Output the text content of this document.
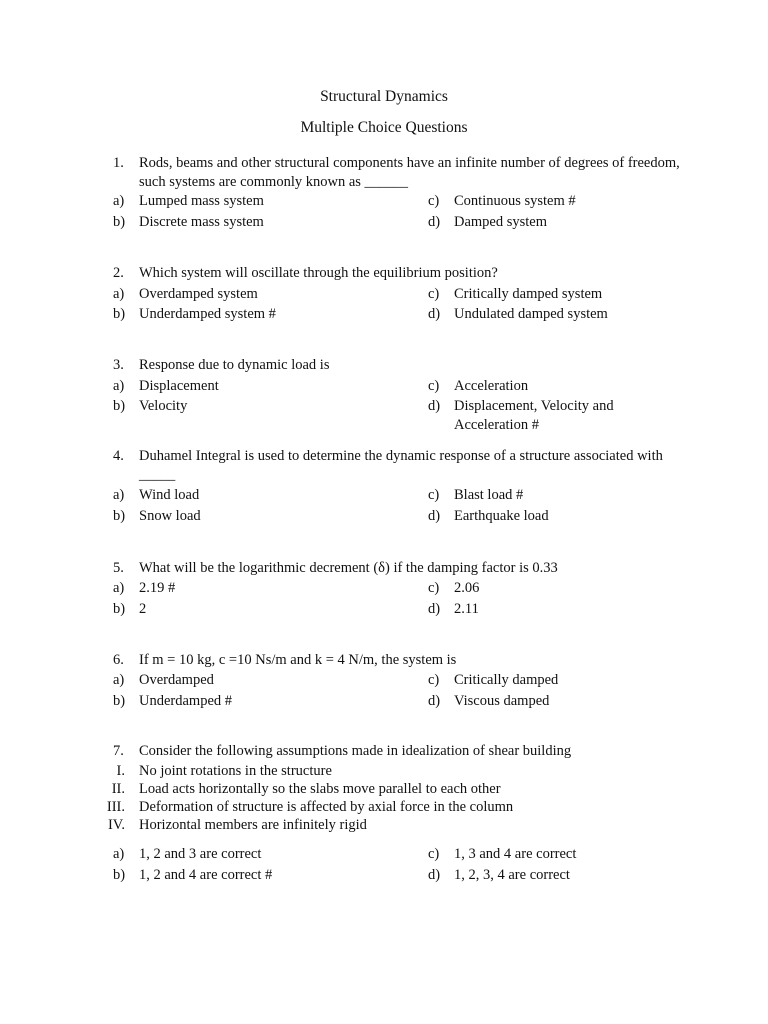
Structural Dynamics
Multiple Choice Questions
1.	Rods, beams and other structural components have an infinite number of degrees of freedom, such systems are commonly known as ______
a)	Lumped mass system
b) Discrete mass system
c)	Continuous system #
d) Damped system
2.	Which system will oscillate through the equilibrium position?
a)	Overdamped system
b) Underdamped system #
c)	Critically damped system
d) Undulated damped system
3.	Response due to dynamic load is
a)	Displacement
b) Velocity
c)	Acceleration
d) Displacement, Velocity and Acceleration #
4.	Duhamel Integral is used to determine the dynamic response of a structure associated with _____
a)	Wind load
b) Snow load
c)	Blast load #
d) Earthquake load
5.	What will be the logarithmic decrement (δ) if the damping factor is 0.33
a)	2.19 #
b) 2
c)	2.06
d) 2.11
6.	If m = 10 kg, c =10 Ns/m and k = 4 N/m, the system is
a)	Overdamped
b) Underdamped #
c)	Critically damped
d) Viscous damped
7.	Consider the following assumptions made in idealization of shear building
I. No joint rotations in the structure
II. Load acts horizontally so the slabs move parallel to each other
III. Deformation of structure is affected by axial force in the column
IV. Horizontal members are infinitely rigid
a)	1, 2 and 3 are correct
b) 1, 2 and 4 are correct #
c)	1, 3 and 4 are correct
d) 1, 2, 3, 4 are correct
